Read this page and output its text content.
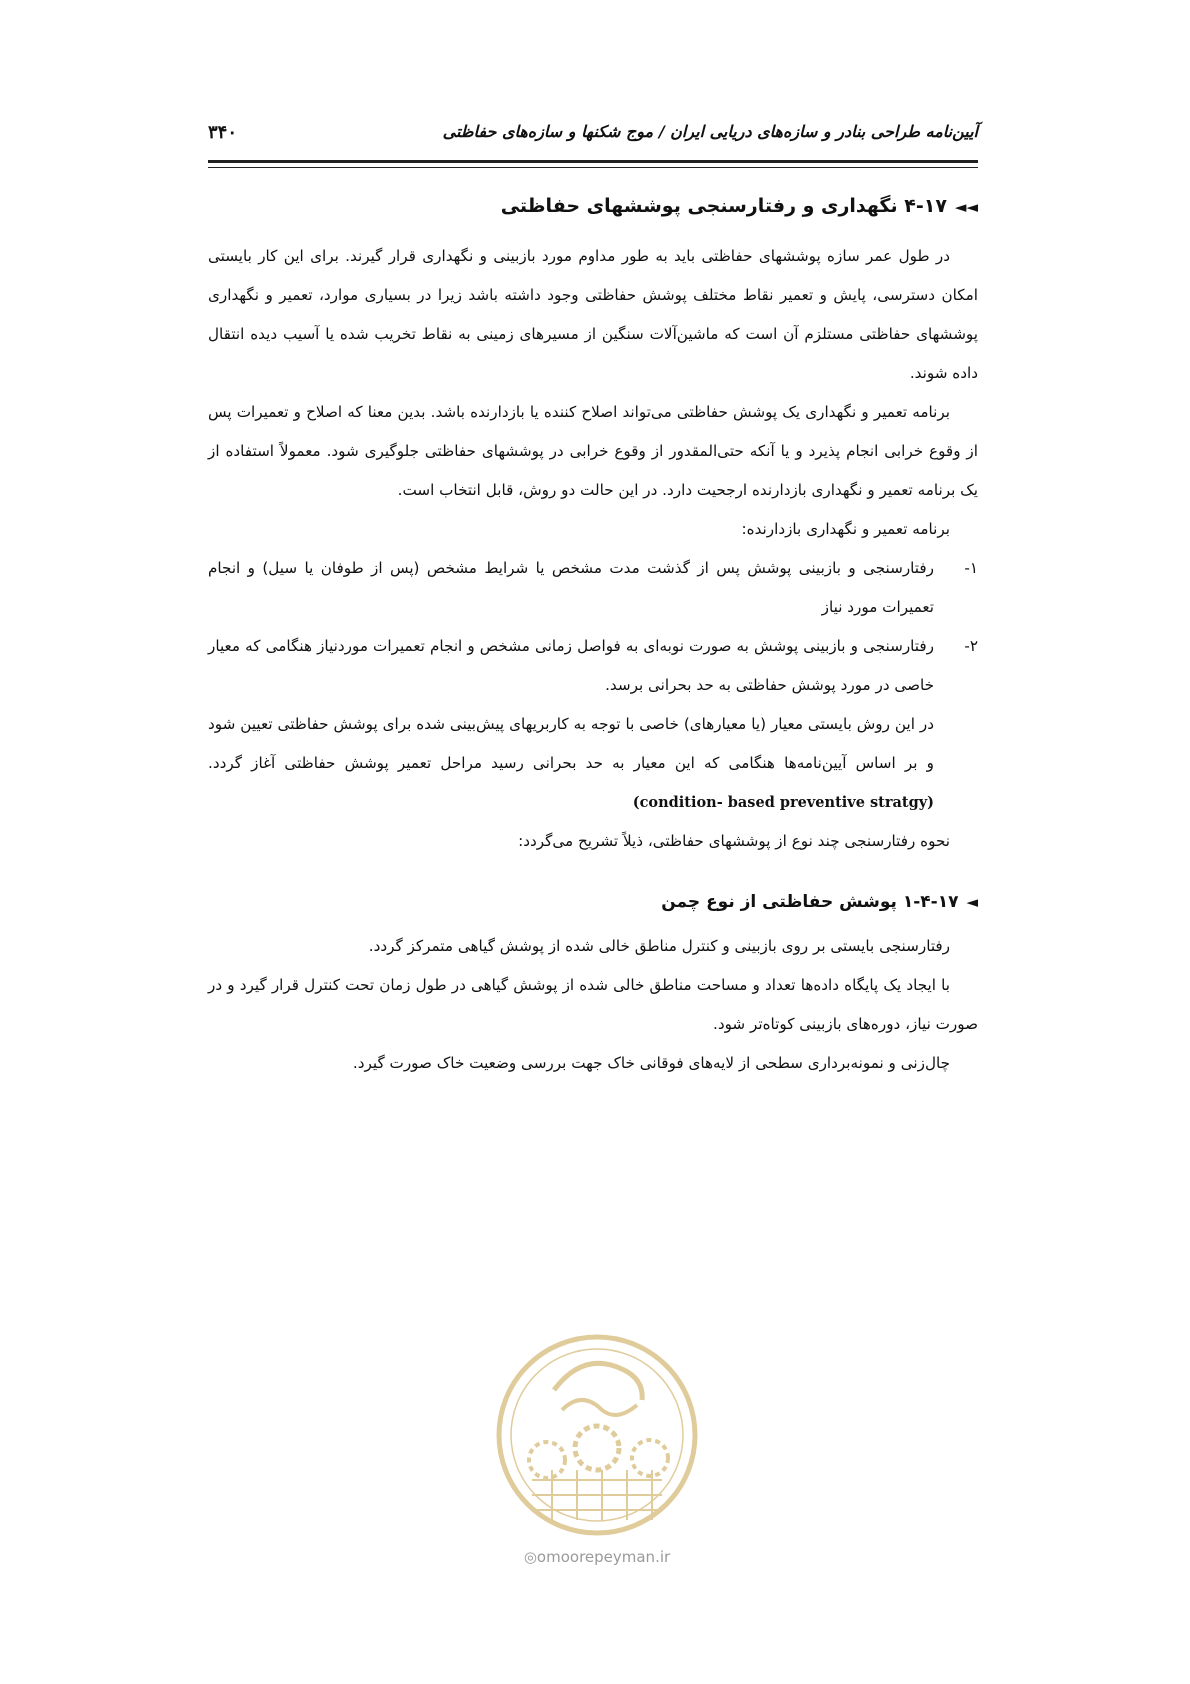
آیین‌نامه طراحی بنادر و سازه‌های دریایی ایران / موج شکنها و سازه‌های حفاظتی
۳۴۰
◄◄۴-۱۷ نگهداری و رفتارسنجی پوششهای حفاظتی

در طول عمر سازه پوششهای حفاظتی باید به طور مداوم مورد بازبینی و نگهداری قرار گیرند. برای این کار بایستی امکان دسترسی، پایش و تعمیر نقاط مختلف پوشش حفاظتی وجود داشته باشد زیرا در بسیاری موارد، تعمیر و نگهداری پوششهای حفاظتی مستلزم آن است که ماشین‌آلات سنگین از مسیرهای زمینی به نقاط تخریب شده یا آسیب دیده انتقال داده شوند.

برنامه تعمیر و نگهداری یک پوشش حفاظتی می‌تواند اصلاح کننده یا بازدارنده باشد. بدین معنا که اصلاح و تعمیرات پس از وقوع خرابی انجام پذیرد و یا آنکه حتی‌المقدور از وقوع خرابی در پوششهای حفاظتی جلوگیری شود. معمولاً استفاده از یک برنامه تعمیر و نگهداری بازدارنده ارجحیت دارد. در این حالت دو روش، قابل انتخاب است.

برنامه تعمیر و نگهداری بازدارنده:

۱-
رفتارسنجی و بازبینی پوشش پس از گذشت مدت مشخص یا شرایط مشخص (پس از طوفان یا سیل) و انجام تعمیرات مورد نیاز
۲-
رفتارسنجی و بازبینی پوشش به صورت نوبه‌ای به فواصل زمانی مشخص و انجام تعمیرات موردنیاز هنگامی که معیار خاصی در مورد پوشش حفاظتی به حد بحرانی برسد.
در این روش بایستی معیار (یا معیارهای) خاصی با توجه به کاربریهای پیش‌بینی شده برای پوشش حفاظتی تعیین شود و بر اساس آیین‌نامه‌ها هنگامی که این معیار به حد بحرانی رسید مراحل تعمیر پوشش حفاظتی آغاز گردد. (condition- based preventive stratgy)

نحوه رفتارسنجی چند نوع از پوششهای حفاظتی، ذیلاً تشریح می‌گردد:

◄۱-۴-۱۷ پوشش حفاظتی از نوع چمن

رفتارسنجی بایستی بر روی بازبینی و کنترل مناطق خالی شده از پوشش گیاهی متمرکز گردد.

با ایجاد یک پایگاه داده‌ها تعداد و مساحت مناطق خالی شده از پوشش گیاهی در طول زمان تحت کنترل قرار گیرد و در صورت نیاز، دوره‌های بازبینی کوتاه‌تر شود.

چال‌زنی و نمونه‌برداری سطحی از لایه‌های فوقانی خاک جهت بررسی وضعیت خاک صورت گیرد.

◎omoorepeyman.ir
